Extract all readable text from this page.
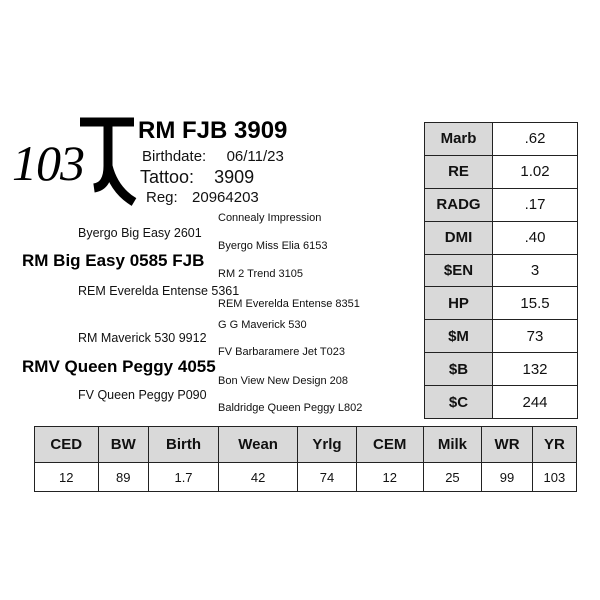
103
RM FJB 3909
Birthdate: 06/11/23
Tattoo: 3909
Reg: 20964203
Connealy Impression
Byergo Big Easy 2601
Byergo Miss Elia 6153
RM Big Easy 0585 FJB
RM 2 Trend 3105
REM Everelda Entense 5361
REM Everelda Entense 8351
G G Maverick 530
RM Maverick 530 9912
FV Barbaramere Jet T023
RMV Queen Peggy 4055
Bon View New Design 208
FV Queen Peggy P090
Baldridge Queen Peggy L802
Marb	.62
RE	1.02
RADG	.17
DMI	.40
$EN	3
HP	15.5
$M	73
$B	132
$C	244
CED	BW	Birth	Wean	Yrlg	CEM	Milk	WR	YR
12	89	1.7	42	74	12	25	99	103
